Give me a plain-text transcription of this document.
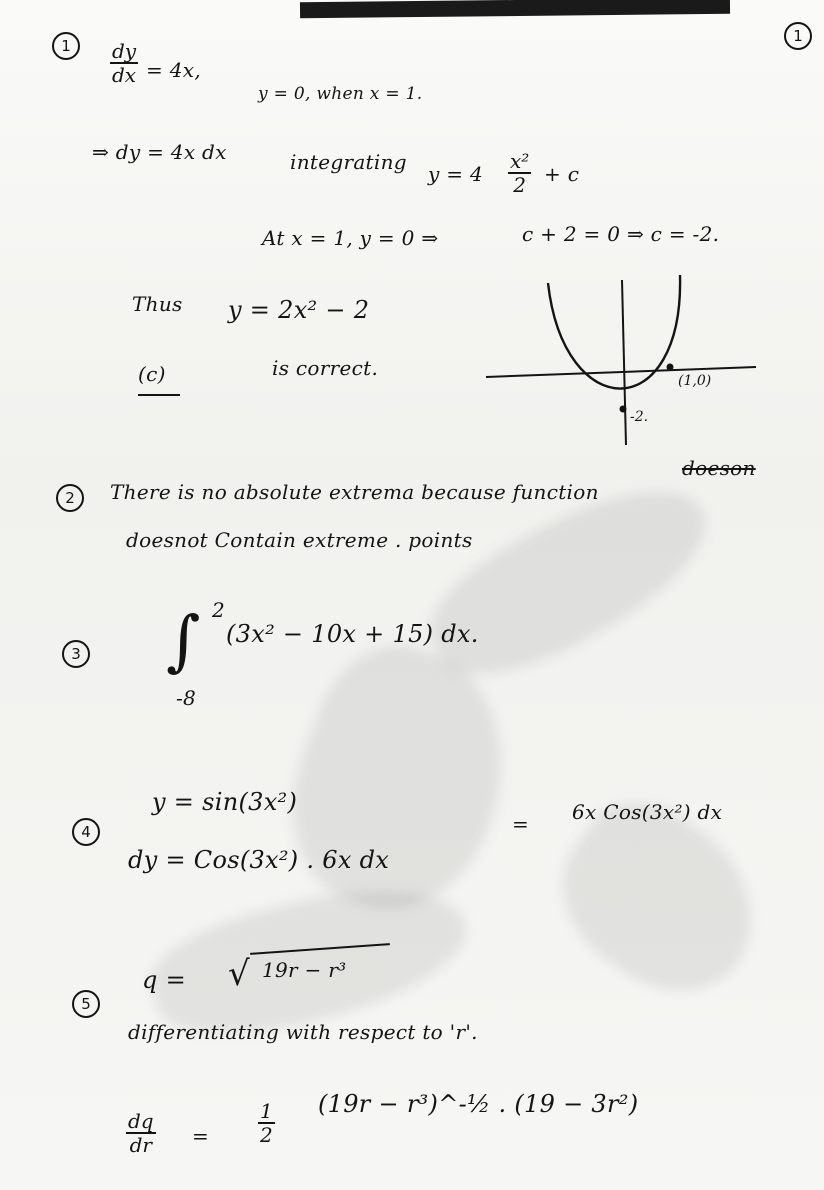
1
1	$\frac{dy}{dx} = 4x$,
y = 0, when x = 1.
⇒ dy = 4x dx	integrating $y = 4 \frac{\text{x²}}{2} + c$
At x = 1, y = 0 ⇒	c + 2 = 0 ⇒ c = -2.
Thus y = 2x² − 2
(c)	is correct.
(1,0)
-2.
2	There is no absolute extrema because function
doeson
doesnot Contain extreme . points
3 ∫ 2
-8
(3x² − 10x + 15) dx.
4
y = sin(3x²)
dy = Cos(3x²) . 6x dx
= 6x Cos(3x²) dx
5
q = √ 19r − r³
differentiating with respect to 'r'.
$\frac{dq}{dr} = \frac{1}{2} (19r$ − r³)^-½ . (19 − 3r²)
